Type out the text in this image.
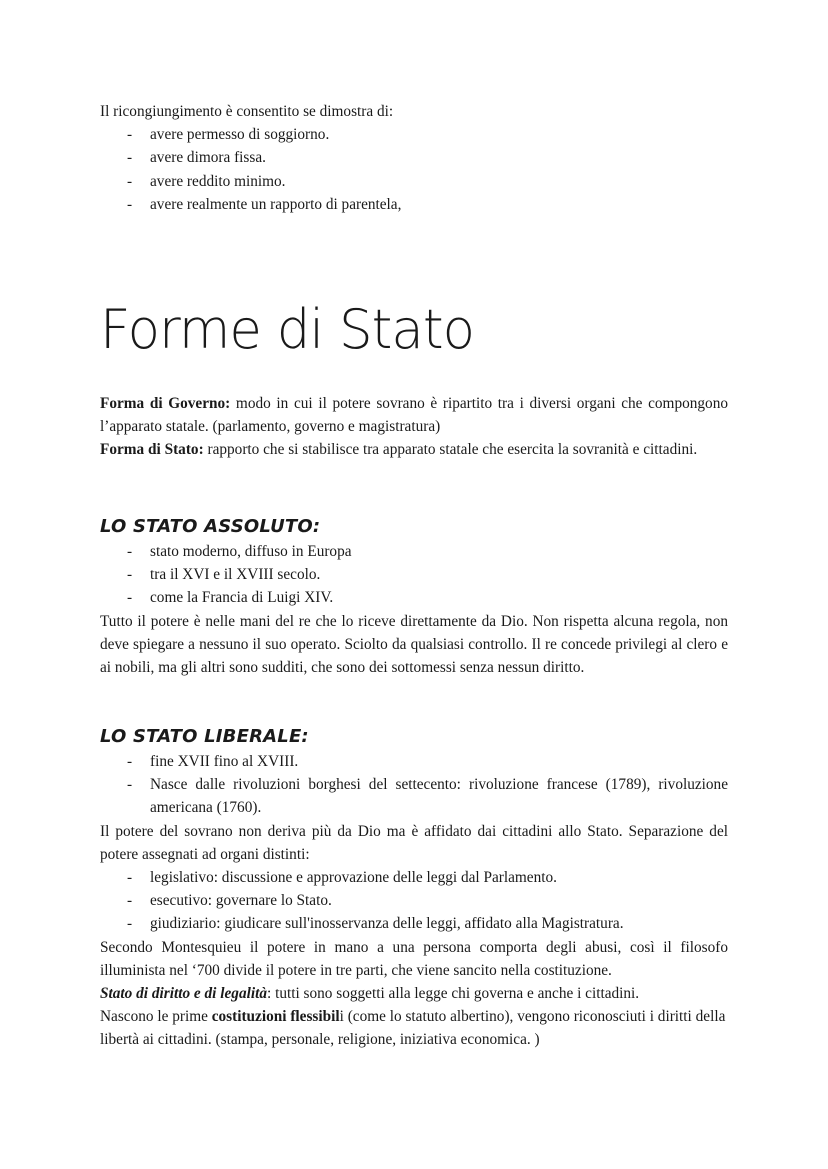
Il ricongiungimento è consentito se dimostra di:

- avere permesso di soggiorno.
- avere dimora fissa.
- avere reddito minimo.
- avere realmente un rapporto di parentela,
Forme di Stato

Forma di Governo: modo in cui il potere sovrano è ripartito tra i diversi organi che compongono l’apparato statale. (parlamento, governo e magistratura)

Forma di Stato: rapporto che si stabilisce tra apparato statale che esercita la sovranità e cittadini.

LO STATO ASSOLUTO:
- stato moderno, diffuso in Europa
- tra il XVI e il XVIII secolo.
- come la Francia di Luigi XIV.

Tutto il potere è nelle mani del re che lo riceve direttamente da Dio. Non rispetta alcuna regola, non deve spiegare a nessuno il suo operato. Sciolto da qualsiasi controllo. Il re concede privilegi al clero e ai nobili, ma gli altri sono sudditi, che sono dei sottomessi senza nessun diritto.

LO STATO LIBERALE:
- fine XVII fino al XVIII.
- Nasce dalle rivoluzioni borghesi del settecento: rivoluzione francese (1789), rivoluzione americana (1760).

Il potere del sovrano non deriva più da Dio ma è affidato dai cittadini allo Stato. Separazione del potere assegnati ad organi distinti:

- legislativo: discussione e approvazione delle leggi dal Parlamento.
- esecutivo: governare lo Stato.
- giudiziario: giudicare sull'inosservanza delle leggi, affidato alla Magistratura.

Secondo Montesquieu il potere in mano a una persona comporta degli abusi, così il filosofo illuminista nel ‘700 divide il potere in tre parti, che viene sancito nella costituzione.

Stato di diritto e di legalità: tutti sono soggetti alla legge chi governa e anche i cittadini.

Nascono le prime costituzioni flessibili (come lo statuto albertino), vengono riconosciuti i diritti della libertà ai cittadini. (stampa, personale, religione, iniziativa economica. )
